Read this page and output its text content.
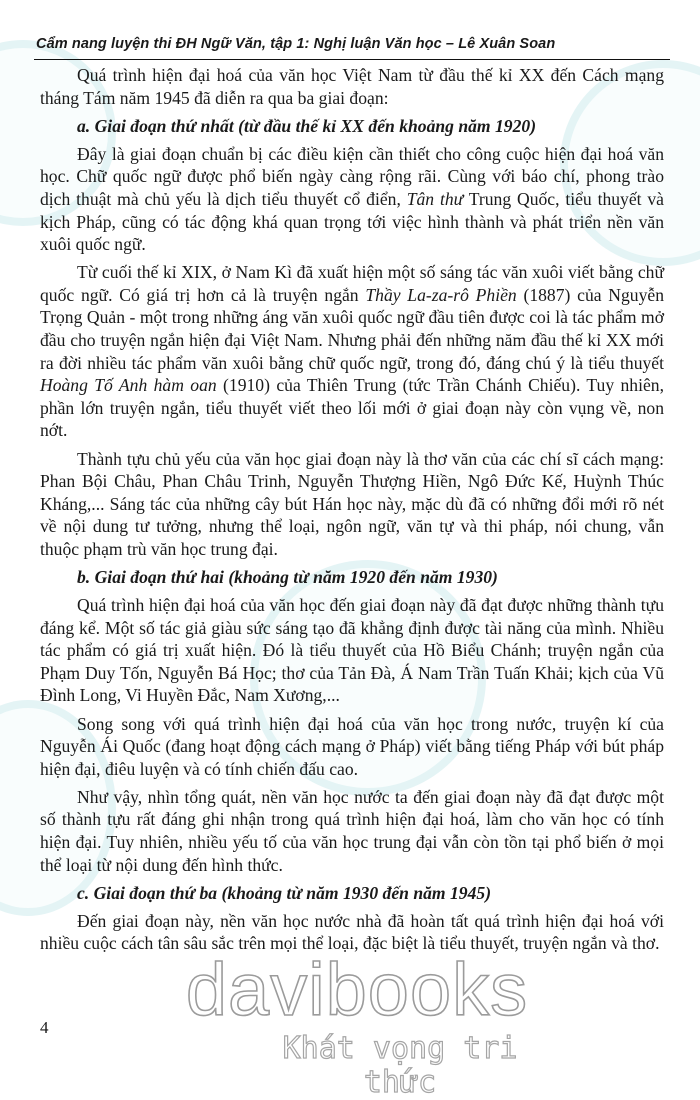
Cẩm nang luyện thi ĐH Ngữ Văn, tập 1: Nghị luận Văn học – Lê Xuân Soan

Quá trình hiện đại hoá của văn học Việt Nam từ đầu thế kỉ XX đến Cách mạng tháng Tám năm 1945 đã diễn ra qua ba giai đoạn:

a. Giai đoạn thứ nhất (từ đầu thế kỉ XX đến khoảng năm 1920)

Đây là giai đoạn chuẩn bị các điều kiện cần thiết cho công cuộc hiện đại hoá văn học. Chữ quốc ngữ được phổ biến ngày càng rộng rãi. Cùng với báo chí, phong trào dịch thuật mà chủ yếu là dịch tiểu thuyết cổ điển, Tân thư Trung Quốc, tiểu thuyết và kịch Pháp, cũng có tác động khá quan trọng tới việc hình thành và phát triển nền văn xuôi quốc ngữ.

Từ cuối thế kỉ XIX, ở Nam Kì đã xuất hiện một số sáng tác văn xuôi viết bằng chữ quốc ngữ. Có giá trị hơn cả là truyện ngắn Thầy La-za-rô Phiền (1887) của Nguyễn Trọng Quản - một trong những áng văn xuôi quốc ngữ đầu tiên được coi là tác phẩm mở đầu cho truyện ngắn hiện đại Việt Nam. Nhưng phải đến những năm đầu thế kỉ XX mới ra đời nhiều tác phẩm văn xuôi bằng chữ quốc ngữ, trong đó, đáng chú ý là tiểu thuyết Hoàng Tố Anh hàm oan (1910) của Thiên Trung (tức Trần Chánh Chiếu). Tuy nhiên, phần lớn truyện ngắn, tiểu thuyết viết theo lối mới ở giai đoạn này còn vụng về, non nớt.

Thành tựu chủ yếu của văn học giai đoạn này là thơ văn của các chí sĩ cách mạng: Phan Bội Châu, Phan Châu Trinh, Nguyễn Thượng Hiền, Ngô Đức Kế, Huỳnh Thúc Kháng,... Sáng tác của những cây bút Hán học này, mặc dù đã có những đổi mới rõ nét về nội dung tư tưởng, nhưng thể loại, ngôn ngữ, văn tự và thi pháp, nói chung, vẫn thuộc phạm trù văn học trung đại.

b. Giai đoạn thứ hai (khoảng từ năm 1920 đến năm 1930)

Quá trình hiện đại hoá của văn học đến giai đoạn này đã đạt được những thành tựu đáng kể. Một số tác giả giàu sức sáng tạo đã khẳng định được tài năng của mình. Nhiều tác phẩm có giá trị xuất hiện. Đó là tiểu thuyết của Hồ Biểu Chánh; truyện ngắn của Phạm Duy Tốn, Nguyễn Bá Học; thơ của Tản Đà, Á Nam Trần Tuấn Khải; kịch của Vũ Đình Long, Vi Huyền Đắc, Nam Xương,...

Song song với quá trình hiện đại hoá của văn học trong nước, truyện kí của Nguyễn Ái Quốc (đang hoạt động cách mạng ở Pháp) viết bằng tiếng Pháp với bút pháp hiện đại, điêu luyện và có tính chiến đấu cao.

Như vậy, nhìn tổng quát, nền văn học nước ta đến giai đoạn này đã đạt được một số thành tựu rất đáng ghi nhận trong quá trình hiện đại hoá, làm cho văn học có tính hiện đại. Tuy nhiên, nhiều yếu tố của văn học trung đại vẫn còn tồn tại phổ biến ở mọi thể loại từ nội dung đến hình thức.

c. Giai đoạn thứ ba (khoảng từ năm 1930 đến năm 1945)

Đến giai đoạn này, nền văn học nước nhà đã hoàn tất quá trình hiện đại hoá với nhiều cuộc cách tân sâu sắc trên mọi thể loại, đặc biệt là tiểu thuyết, truyện ngắn và thơ.

4	davibooks
Khát vọng tri thức
